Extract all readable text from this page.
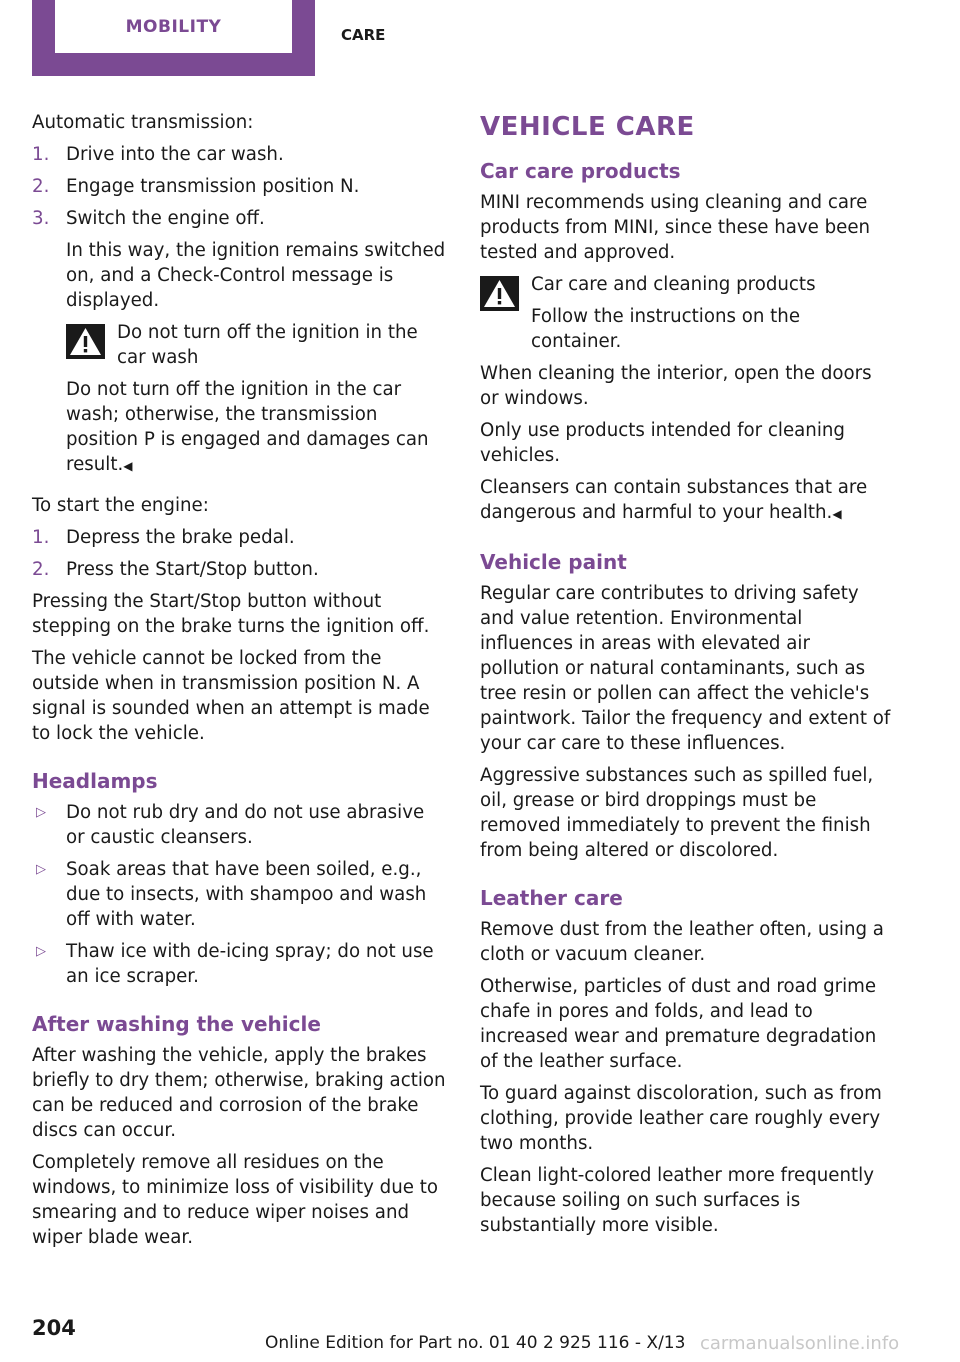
MOBILITY	CARE

Automatic transmission:

1. Drive into the car wash.
2. Engage transmission position N.
3. Switch the engine off.

In this way, the ignition remains switched on, and a Check-Control message is displayed.

Do not turn off the ignition in the car wash

Do not turn off the ignition in the car wash; otherwise, the transmission position P is engaged and damages can result.◀

To start the engine:

1. Depress the brake pedal.
2. Press the Start/Stop button.

Pressing the Start/Stop button without stepping on the brake turns the ignition off.

The vehicle cannot be locked from the outside when in transmission position N. A signal is sounded when an attempt is made to lock the vehicle.

Headlamps
▷ Do not rub dry and do not use abrasive or caustic cleansers.
▷ Soak areas that have been soiled, e.g., due to insects, with shampoo and wash off with water.
▷ Thaw ice with de-icing spray; do not use an ice scraper.
After washing the vehicle

After washing the vehicle, apply the brakes briefly to dry them; otherwise, braking action can be reduced and corrosion of the brake discs can occur.

Completely remove all residues on the windows, to minimize loss of visibility due to smearing and to reduce wiper noises and wiper blade wear.

VEHICLE CARE
Car care products

MINI recommends using cleaning and care products from MINI, since these have been tested and approved.

Car care and cleaning products

Follow the instructions on the container.

When cleaning the interior, open the doors or windows.

Only use products intended for cleaning vehicles.

Cleansers can contain substances that are dangerous and harmful to your health.◀

Vehicle paint

Regular care contributes to driving safety and value retention. Environmental influences in areas with elevated air pollution or natural contaminants, such as tree resin or pollen can affect the vehicle's paintwork. Tailor the frequency and extent of your car care to these influences.

Aggressive substances such as spilled fuel, oil, grease or bird droppings must be removed immediately to prevent the finish from being altered or discolored.

Leather care

Remove dust from the leather often, using a cloth or vacuum cleaner.

Otherwise, particles of dust and road grime chafe in pores and folds, and lead to increased wear and premature degradation of the leather surface.

To guard against discoloration, such as from clothing, provide leather care roughly every two months.

Clean light-colored leather more frequently because soiling on such surfaces is substantially more visible.

204
Online Edition for Part no. 01 40 2 925 116 - X/13 carmanualsonline.info
